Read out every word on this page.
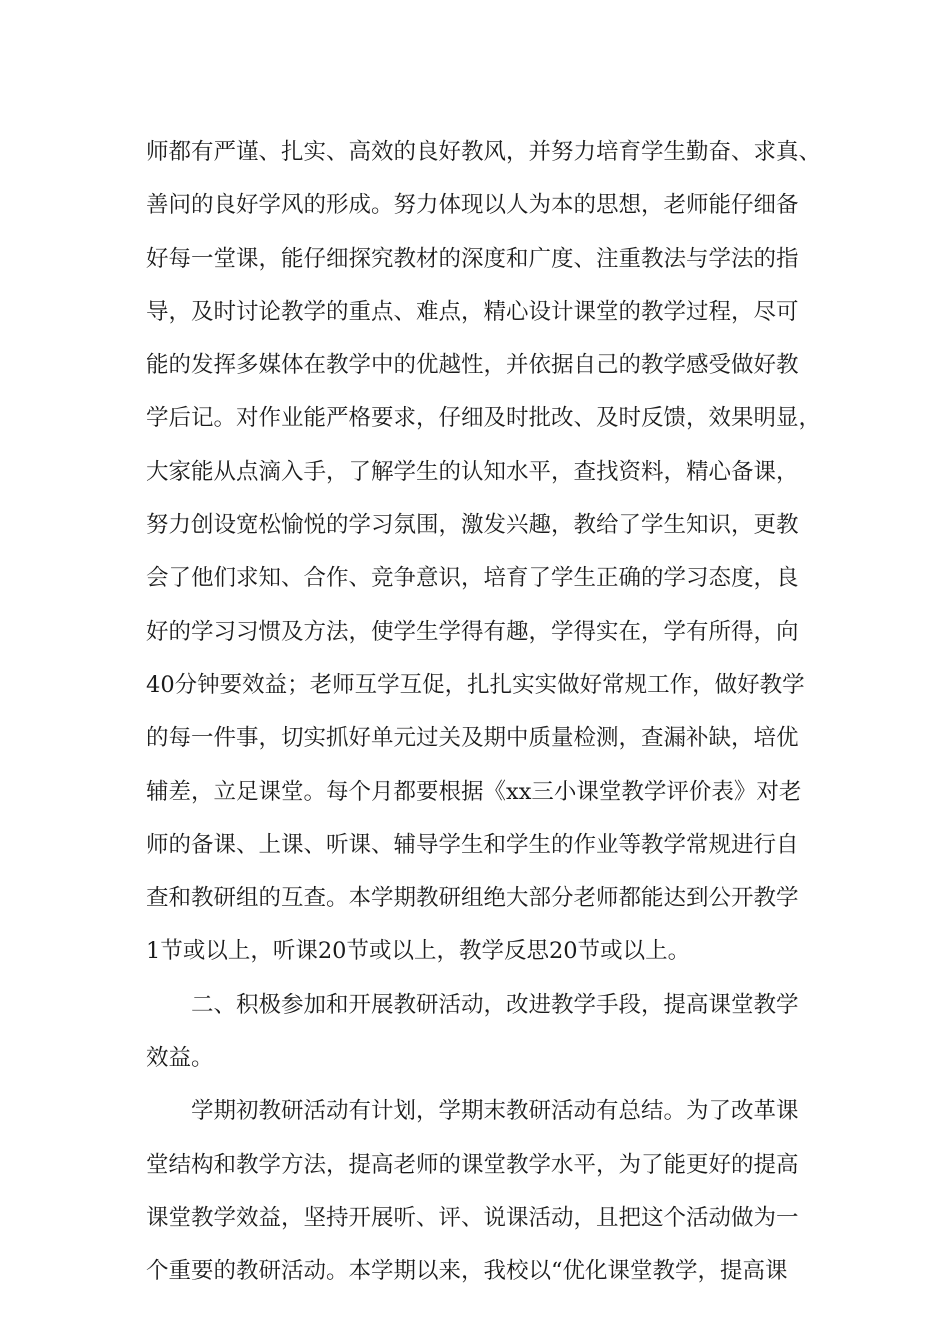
师都有严谨、扎实、高效的良好教风，并努力培育学生勤奋、求真、
善问的良好学风的形成。努力体现以人为本的思想，老师能仔细备
好每一堂课，能仔细探究教材的深度和广度、注重教法与学法的指
导，及时讨论教学的重点、难点，精心设计课堂的教学过程，尽可
能的发挥多媒体在教学中的优越性，并依据自己的教学感受做好教
学后记。对作业能严格要求，仔细及时批改、及时反馈，效果明显，
大家能从点滴入手，了解学生的认知水平，查找资料，精心备课，
努力创设宽松愉悦的学习氛围，激发兴趣，教给了学生知识，更教
会了他们求知、合作、竞争意识，培育了学生正确的学习态度，良
好的学习习惯及方法，使学生学得有趣，学得实在，学有所得，向
40分钟要效益；老师互学互促，扎扎实实做好常规工作，做好教学
的每一件事，切实抓好单元过关及期中质量检测，查漏补缺，培优
辅差，立足课堂。每个月都要根据《xx三小课堂教学评价表》对老
师的备课、上课、听课、辅导学生和学生的作业等教学常规进行自
查和教研组的互查。本学期教研组绝大部分老师都能达到公开教学
1节或以上，听课20节或以上，教学反思20节或以上。
二、积极参加和开展教研活动，改进教学手段，提高课堂教学
效益。
学期初教研活动有计划，学期末教研活动有总结。为了改革课
堂结构和教学方法，提高老师的课堂教学水平，为了能更好的提高
课堂教学效益，坚持开展听、评、说课活动，且把这个活动做为一
个重要的教研活动。本学期以来，我校以“优化课堂教学，提高课
